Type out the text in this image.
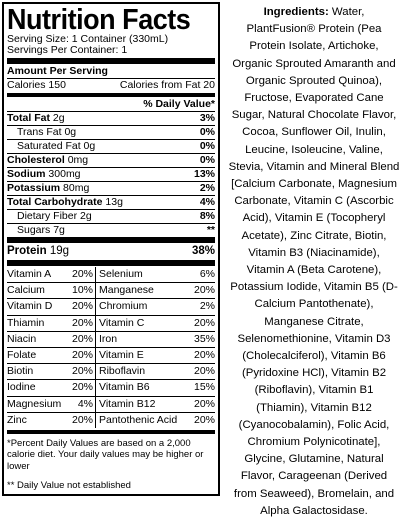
Nutrition Facts
Serving Size: 1 Container (330mL)
Servings Per Container: 1
Amount Per Serving
Calories 150	Calories from Fat 20
% Daily Value*
Total Fat 2g	3%
Trans Fat 0g	0%
Saturated Fat 0g	0%
Cholesterol 0mg	0%
Sodium 300mg	13%
Potassium 80mg	2%
Total Carbohydrate 13g	4%
Dietary Fiber 2g	8%
Sugars 7g	**
Protein 19g	38%
Vitamin A 20% Selenium	6%
Calcium	10% Manganese	20%
Vitamin D 20% Chromium	2%
Thiamin	20% Vitamin C	20%
Niacin	20% Iron	35%
Folate	20% Vitamin E	20%
Biotin	20% Riboflavin	20%
Iodine	20% Vitamin B6	15%
Magnesium 4% Vitamin B12	20%
Zinc	20% Pantothenic Acid 20%
*Percent Daily Values are based on a 2,000 calorie diet. Your daily values may be higher or lower
** Daily Value not established
Ingredients: Water, PlantFusion® Protein (Pea Protein Isolate, Artichoke, Organic Sprouted Amaranth and Organic Sprouted Quinoa), Fructose, Evaporated Cane Sugar, Natural Chocolate Flavor, Cocoa, Sunflower Oil, Inulin, Leucine, Isoleucine, Valine, Stevia, Vitamin and Mineral Blend [Calcium Carbonate, Magnesium Carbonate, Vitamin C (Ascorbic Acid), Vitamin E (Tocopheryl Acetate), Zinc Citrate, Biotin, Vitamin B3 (Niacinamide), Vitamin A (Beta Carotene), Potassium Iodide, Vitamin B5 (D-Calcium Pantothenate), Manganese Citrate, Selenomethionine, Vitamin D3 (Cholecalciferol), Vitamin B6 (Pyridoxine HCl), Vitamin B2 (Riboflavin), Vitamin B1 (Thiamin), Vitamin B12 (Cyanocobalamin), Folic Acid, Chromium Polynicotinate], Glycine, Glutamine, Natural Flavor, Carageenan (Derived from Seaweed), Bromelain, and Alpha Galactosidase.
